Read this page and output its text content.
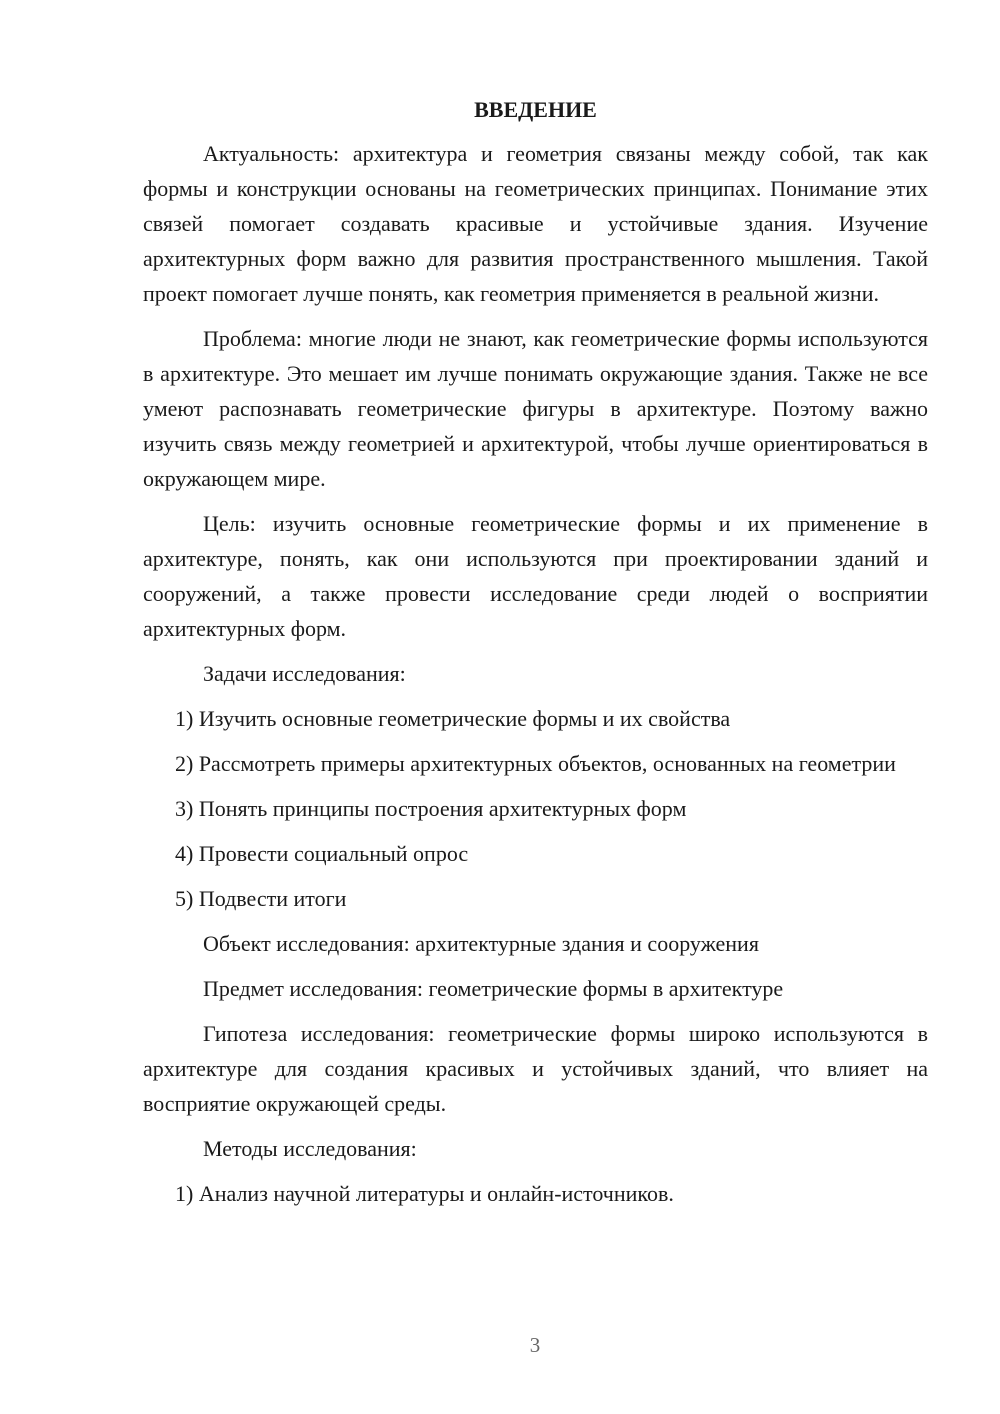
ВВЕДЕНИЕ

Актуальность: архитектура и геометрия связаны между собой, так как формы и конструкции основаны на геометрических принципах. Понимание этих связей помогает создавать красивые и устойчивые здания. Изучение архитектурных форм важно для развития пространственного мышления. Такой проект помогает лучше понять, как геометрия применяется в реальной жизни.

Проблема: многие люди не знают, как геометрические формы используются в архитектуре. Это мешает им лучше понимать окружающие здания. Также не все умеют распознавать геометрические фигуры в архитектуре. Поэтому важно изучить связь между геометрией и архитектурой, чтобы лучше ориентироваться в окружающем мире.

Цель: изучить основные геометрические формы и их применение в архитектуре, понять, как они используются при проектировании зданий и сооружений, а также провести исследование среди людей о восприятии архитектурных форм.

Задачи исследования:

1) Изучить основные геометрические формы и их свойства

2) Рассмотреть примеры архитектурных объектов, основанных на геометрии

3) Понять принципы построения архитектурных форм

4) Провести социальный опрос

5) Подвести итоги

Объект исследования: архитектурные здания и сооружения

Предмет исследования: геометрические формы в архитектуре

Гипотеза исследования: геометрические формы широко используются в архитектуре для создания красивых и устойчивых зданий, что влияет на восприятие окружающей среды.

Методы исследования:

1) Анализ научной литературы и онлайн-источников.

3
